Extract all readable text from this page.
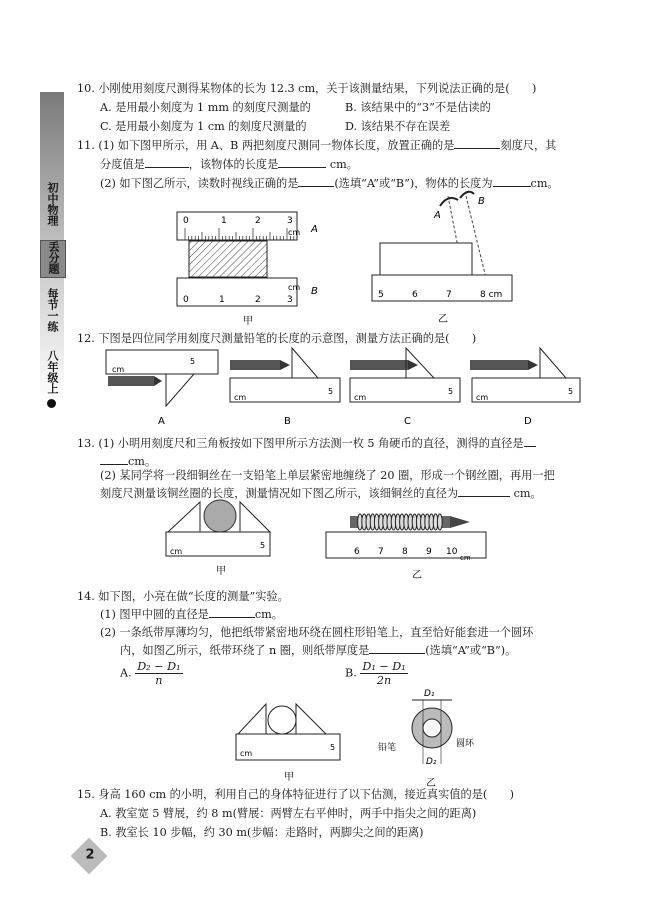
初中物理
丢分题
每节一练
八年级上
10. 小刚使用刻度尺测得某物体的长为 12.3 cm，关于该测量结果，下列说法正确的是(　　)
A. 是用最小刻度为 1 mm 的刻度尺测量的	B. 该结果中的“3”不是估读的
C. 是用最小刻度为 1 cm 的刻度尺测量的	D. 该结果不存在误差
11. (1) 如下图甲所示，用 A、B 两把刻度尺测同一物体长度，放置正确的是	刻度尺，其
分度值是	，该物体的长度是	cm。
(2) 如下图乙所示，读数时视线正确的是	(选填“A”或“B”)，物体的长度为	cm。
0	1	2	3
cm A
0	1	2	3
cm B
甲
A
B
5	6	7	8 cm
乙
12. 下图是四位同学用刻度尺测量铅笔的长度的示意图，测量方法正确的是(　　)
cm
5
A
cm
5
B
cm
5
C
cm
5
D
13. (1) 小明用刻度尺和三角板按如下图甲所示方法测一枚 5 角硬币的直径，测得的直径是
cm。
(2) 某同学将一段细铜丝在一支铅笔上单层紧密地缠绕了 20 圈，形成一个钢丝圈，再用一把
刻度尺测量该铜丝圈的长度，测量情况如下图乙所示，该细铜丝的直径为	cm。
cm
5
甲
6 7 8 9 10
cm
乙
14. 如下图，小亮在做“长度的测量”实验。
(1) 图甲中圆的直径是	cm。
(2) 一条纸带厚薄均匀，他把纸带紧密地环绕在圆柱形铅笔上，直至恰好能套进一个圆环
内，如图乙所示，纸带环绕了 n 圈，则纸带厚度是	(选填“A”或“B”)。
A. $\frac{\text{D₂ − D₁}}{n}$	B. $\frac{\text{D₁ − D₁}}{2n}$
cm
5
甲
D₁
D₂
铅笔	圆环
乙
15. 身高 160 cm 的小明，利用自己的身体特征进行了以下估测，接近真实值的是(　　)
A. 教室宽 5 臂展，约 8 m(臂展：两臂左右平伸时，两手中指尖之间的距离)
B. 教室长 10 步幅，约 30 m(步幅：走路时，两脚尖之间的距离)
2
